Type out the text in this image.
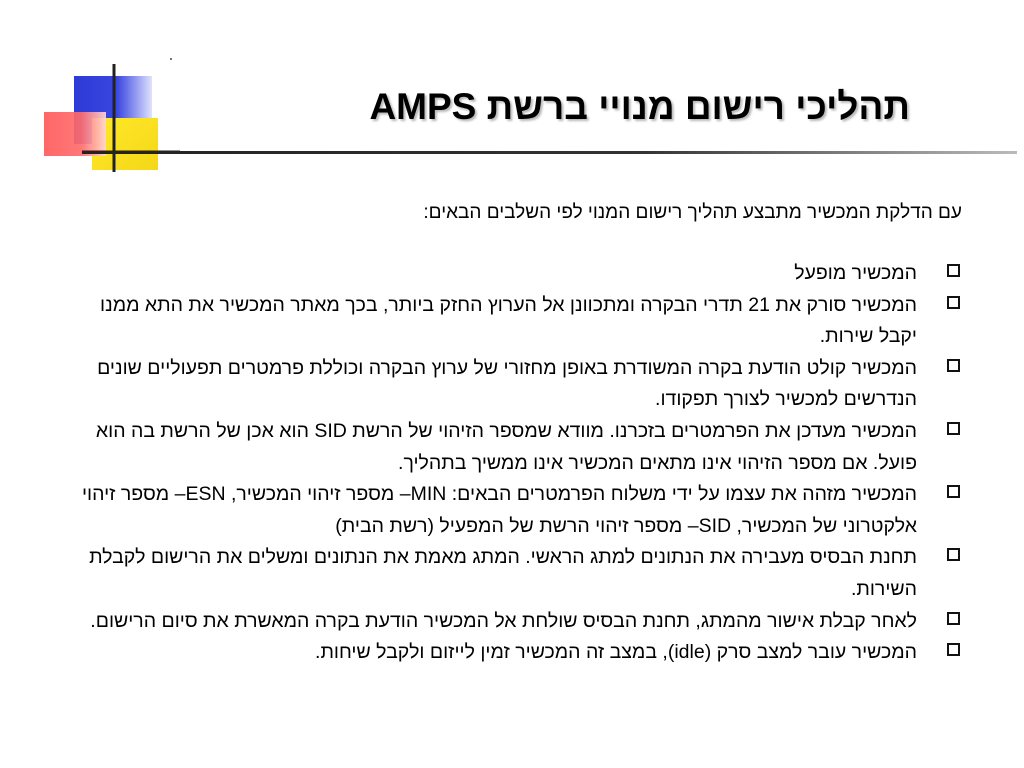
תהליכי רישום מנויי ברשת AMPS
עם הדלקת המכשיר מתבצע תהליך רישום המנוי לפי השלבים הבאים:
המכשיר מופעל
המכשיר סורק את 21 תדרי הבקרה ומתכוונן אל הערוץ החזק ביותר, בכך מאתר המכשיר את התא ממנו יקבל שירות.
המכשיר קולט הודעת בקרה המשודרת באופן מחזורי של ערוץ הבקרה וכוללת פרמטרים תפעוליים שונים הנדרשים למכשיר לצורך תפקודו.
המכשיר מעדכן את הפרמטרים בזכרנו. מוודא שמספר הזיהוי של הרשת SID הוא אכן של הרשת בה הוא פועל. אם מספר הזיהוי אינו מתאים המכשיר אינו ממשיך בתהליך.
המכשיר מזהה את עצמו על ידי משלוח הפרמטרים הבאים: MIN– מספר זיהוי המכשיר, ESN– מספר זיהוי אלקטרוני של המכשיר, SID– מספר זיהוי הרשת של המפעיל (רשת הבית)
תחנת הבסיס מעבירה את הנתונים למתג הראשי. המתג מאמת את הנתונים ומשלים את הרישום לקבלת השירות.
לאחר קבלת אישור מהמתג, תחנת הבסיס שולחת אל המכשיר הודעת בקרה המאשרת את סיום הרישום.
המכשיר עובר למצב סרק (idle), במצב זה המכשיר זמין לייזום ולקבל שיחות.
